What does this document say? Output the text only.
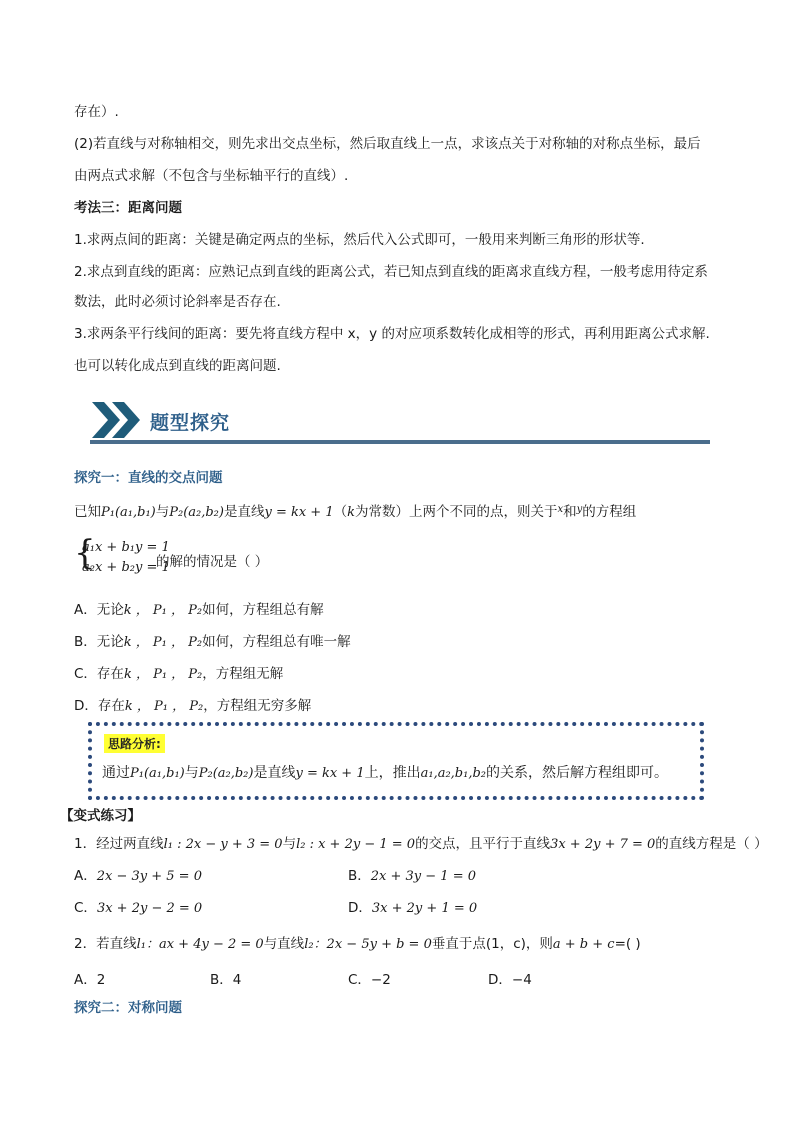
存在）.
(2)若直线与对称轴相交，则先求出交点坐标，然后取直线上一点，求该点关于对称轴的对称点坐标，最后
由两点式求解（不包含与坐标轴平行的直线）.
考法三：距离问题
1.求两点间的距离：关键是确定两点的坐标，然后代入公式即可，一般用来判断三角形的形状等.
2.求点到直线的距离：应熟记点到直线的距离公式，若已知点到直线的距离求直线方程，一般考虑用待定系
数法，此时必须讨论斜率是否存在.
3.求两条平行线间的距离：要先将直线方程中 x，y 的对应项系数转化成相等的形式，再利用距离公式求解.
也可以转化成点到直线的距离问题.
题型探究
探究一：直线的交点问题
已知P₁(a₁,b₁)与P₂(a₂,b₂)是直线y = kx + 1（k为常数）上两个不同的点，则关于$^x$和$^y$的方程组
{
a₁x + b₁y = 1
a₂x + b₂y = 1
的解的情况是（ ）
A．无论k ， P₁ ， P₂如何，方程组总有解
B．无论k ， P₁ ， P₂如何，方程组总有唯一解
C．存在k ， P₁ ， P₂，方程组无解
D．存在k ， P₁ ， P₂，方程组无穷多解
思路分析:
通过P₁(a₁,b₁)与P₂(a₂,b₂)是直线y = kx + 1上，推出a₁,a₂,b₁,b₂的关系，然后解方程组即可。
【变式练习】
1．经过两直线l₁ : 2x − y + 3 = 0与l₂ : x + 2y − 1 = 0的交点，且平行于直线3x + 2y + 7 = 0的直线方程是（ ）
A．2x − 3y + 5 = 0	B．2x + 3y − 1 = 0
C．3x + 2y − 2 = 0	D．3x + 2y + 1 = 0
2．若直线l₁：ax + 4y − 2 = 0与直线l₂：2x − 5y + b = 0垂直于点(1，c)，则a + b + c=( )
A．2	B．4	C．−2	D．−4
探究二：对称问题
